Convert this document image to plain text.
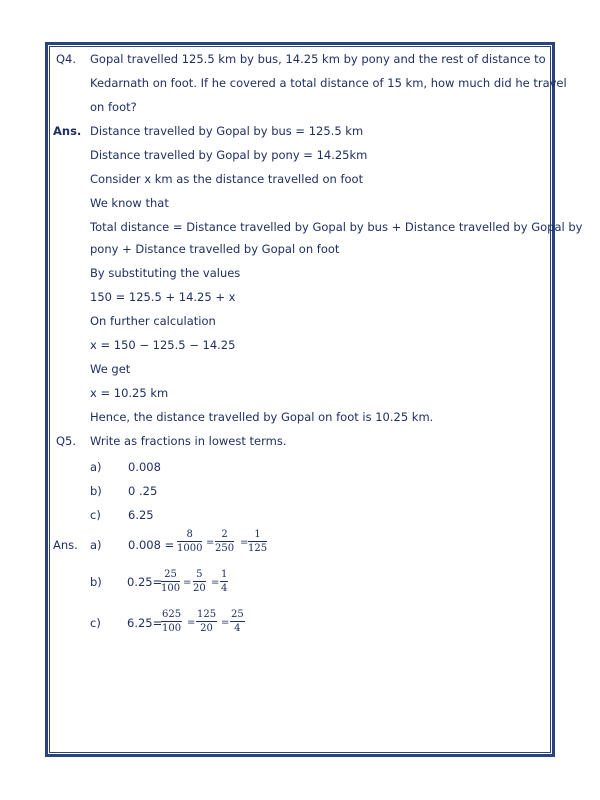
Q4. Gopal travelled 125.5 km by bus, 14.25 km by pony and the rest of distance to
Kedarnath on foot. If he covered a total distance of 15 km, how much did he travel
on foot?
Ans. Distance travelled by Gopal by bus = 125.5 km
Distance travelled by Gopal by pony = 14.25km
Consider x km as the distance travelled on foot
We know that
Total distance = Distance travelled by Gopal by bus + Distance travelled by Gopal by
pony + Distance travelled by Gopal on foot
By substituting the values
150 = 125.5 + 14.25 + x
On further calculation
x = 150 − 125.5 − 14.25
We get
x = 10.25 km
Hence, the distance travelled by Gopal on foot is 10.25 km.
Q5. Write as fractions in lowest terms.
a) 0.008
b) 0 .25
c) 6.25
Ans. a) $0.008 = \frac{8}{1000} = \frac{2}{250} = \frac{1}{125}$
b) 0.25=
$\frac{25}{100} = \frac{5}{20} = \frac{1}{4}$
c) 6.25=
$\frac{625}{100} = \frac{125}{20} = \frac{25}{4}$
